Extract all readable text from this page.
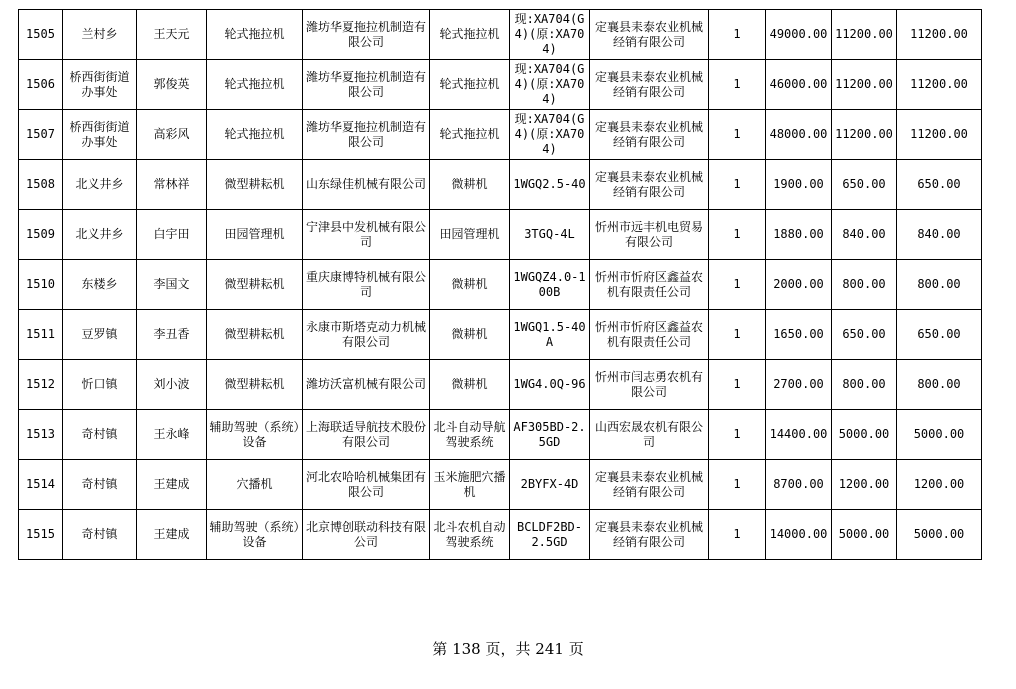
1505	兰村乡	王天元	轮式拖拉机	潍坊华夏拖拉机制造有限公司	轮式拖拉机	现:XA704(G4)(原:XA704)	定襄县耒泰农业机械经销有限公司	1	49000.00	11200.00	11200.00
1506	桥西街街道办事处	郭俊英	轮式拖拉机	潍坊华夏拖拉机制造有限公司	轮式拖拉机	现:XA704(G4)(原:XA704)	定襄县耒泰农业机械经销有限公司	1	46000.00	11200.00	11200.00
1507	桥西街街道办事处	高彩风	轮式拖拉机	潍坊华夏拖拉机制造有限公司	轮式拖拉机	现:XA704(G4)(原:XA704)	定襄县耒泰农业机械经销有限公司	1	48000.00	11200.00	11200.00
1508	北义井乡	常林祥	微型耕耘机	山东绿佳机械有限公司	微耕机	1WGQ2.5-40	定襄县耒泰农业机械经销有限公司	1	1900.00	650.00	650.00
1509	北义井乡	白宇田	田园管理机	宁津县中发机械有限公司	田园管理机	3TGQ-4L	忻州市远丰机电贸易有限公司	1	1880.00	840.00	840.00
1510	东楼乡	李国文	微型耕耘机	重庆康博特机械有限公司	微耕机	1WGQZ4.0-100B	忻州市忻府区鑫益农机有限责任公司	1	2000.00	800.00	800.00
1511	豆罗镇	李丑香	微型耕耘机	永康市斯塔克动力机械有限公司	微耕机	1WGQ1.5-40A	忻州市忻府区鑫益农机有限责任公司	1	1650.00	650.00	650.00
1512	忻口镇	刘小波	微型耕耘机	潍坊沃富机械有限公司	微耕机	1WG4.0Q-96	忻州市闫志勇农机有限公司	1	2700.00	800.00	800.00
1513	奇村镇	王永峰	辅助驾驶（系统）设备	上海联适导航技术股份有限公司	北斗自动导航驾驶系统	AF305BD-2.5GD	山西宏晟农机有限公司	1	14400.00	5000.00	5000.00
1514	奇村镇	王建成	穴播机	河北农哈哈机械集团有限公司	玉米施肥穴播机	2BYFX-4D	定襄县耒泰农业机械经销有限公司	1	8700.00	1200.00	1200.00
1515	奇村镇	王建成	辅助驾驶（系统）设备	北京博创联动科技有限公司	北斗农机自动驾驶系统	BCLDF2BD-2.5GD	定襄县耒泰农业机械经销有限公司	1	14000.00	5000.00	5000.00
第 138 页，共 241 页
